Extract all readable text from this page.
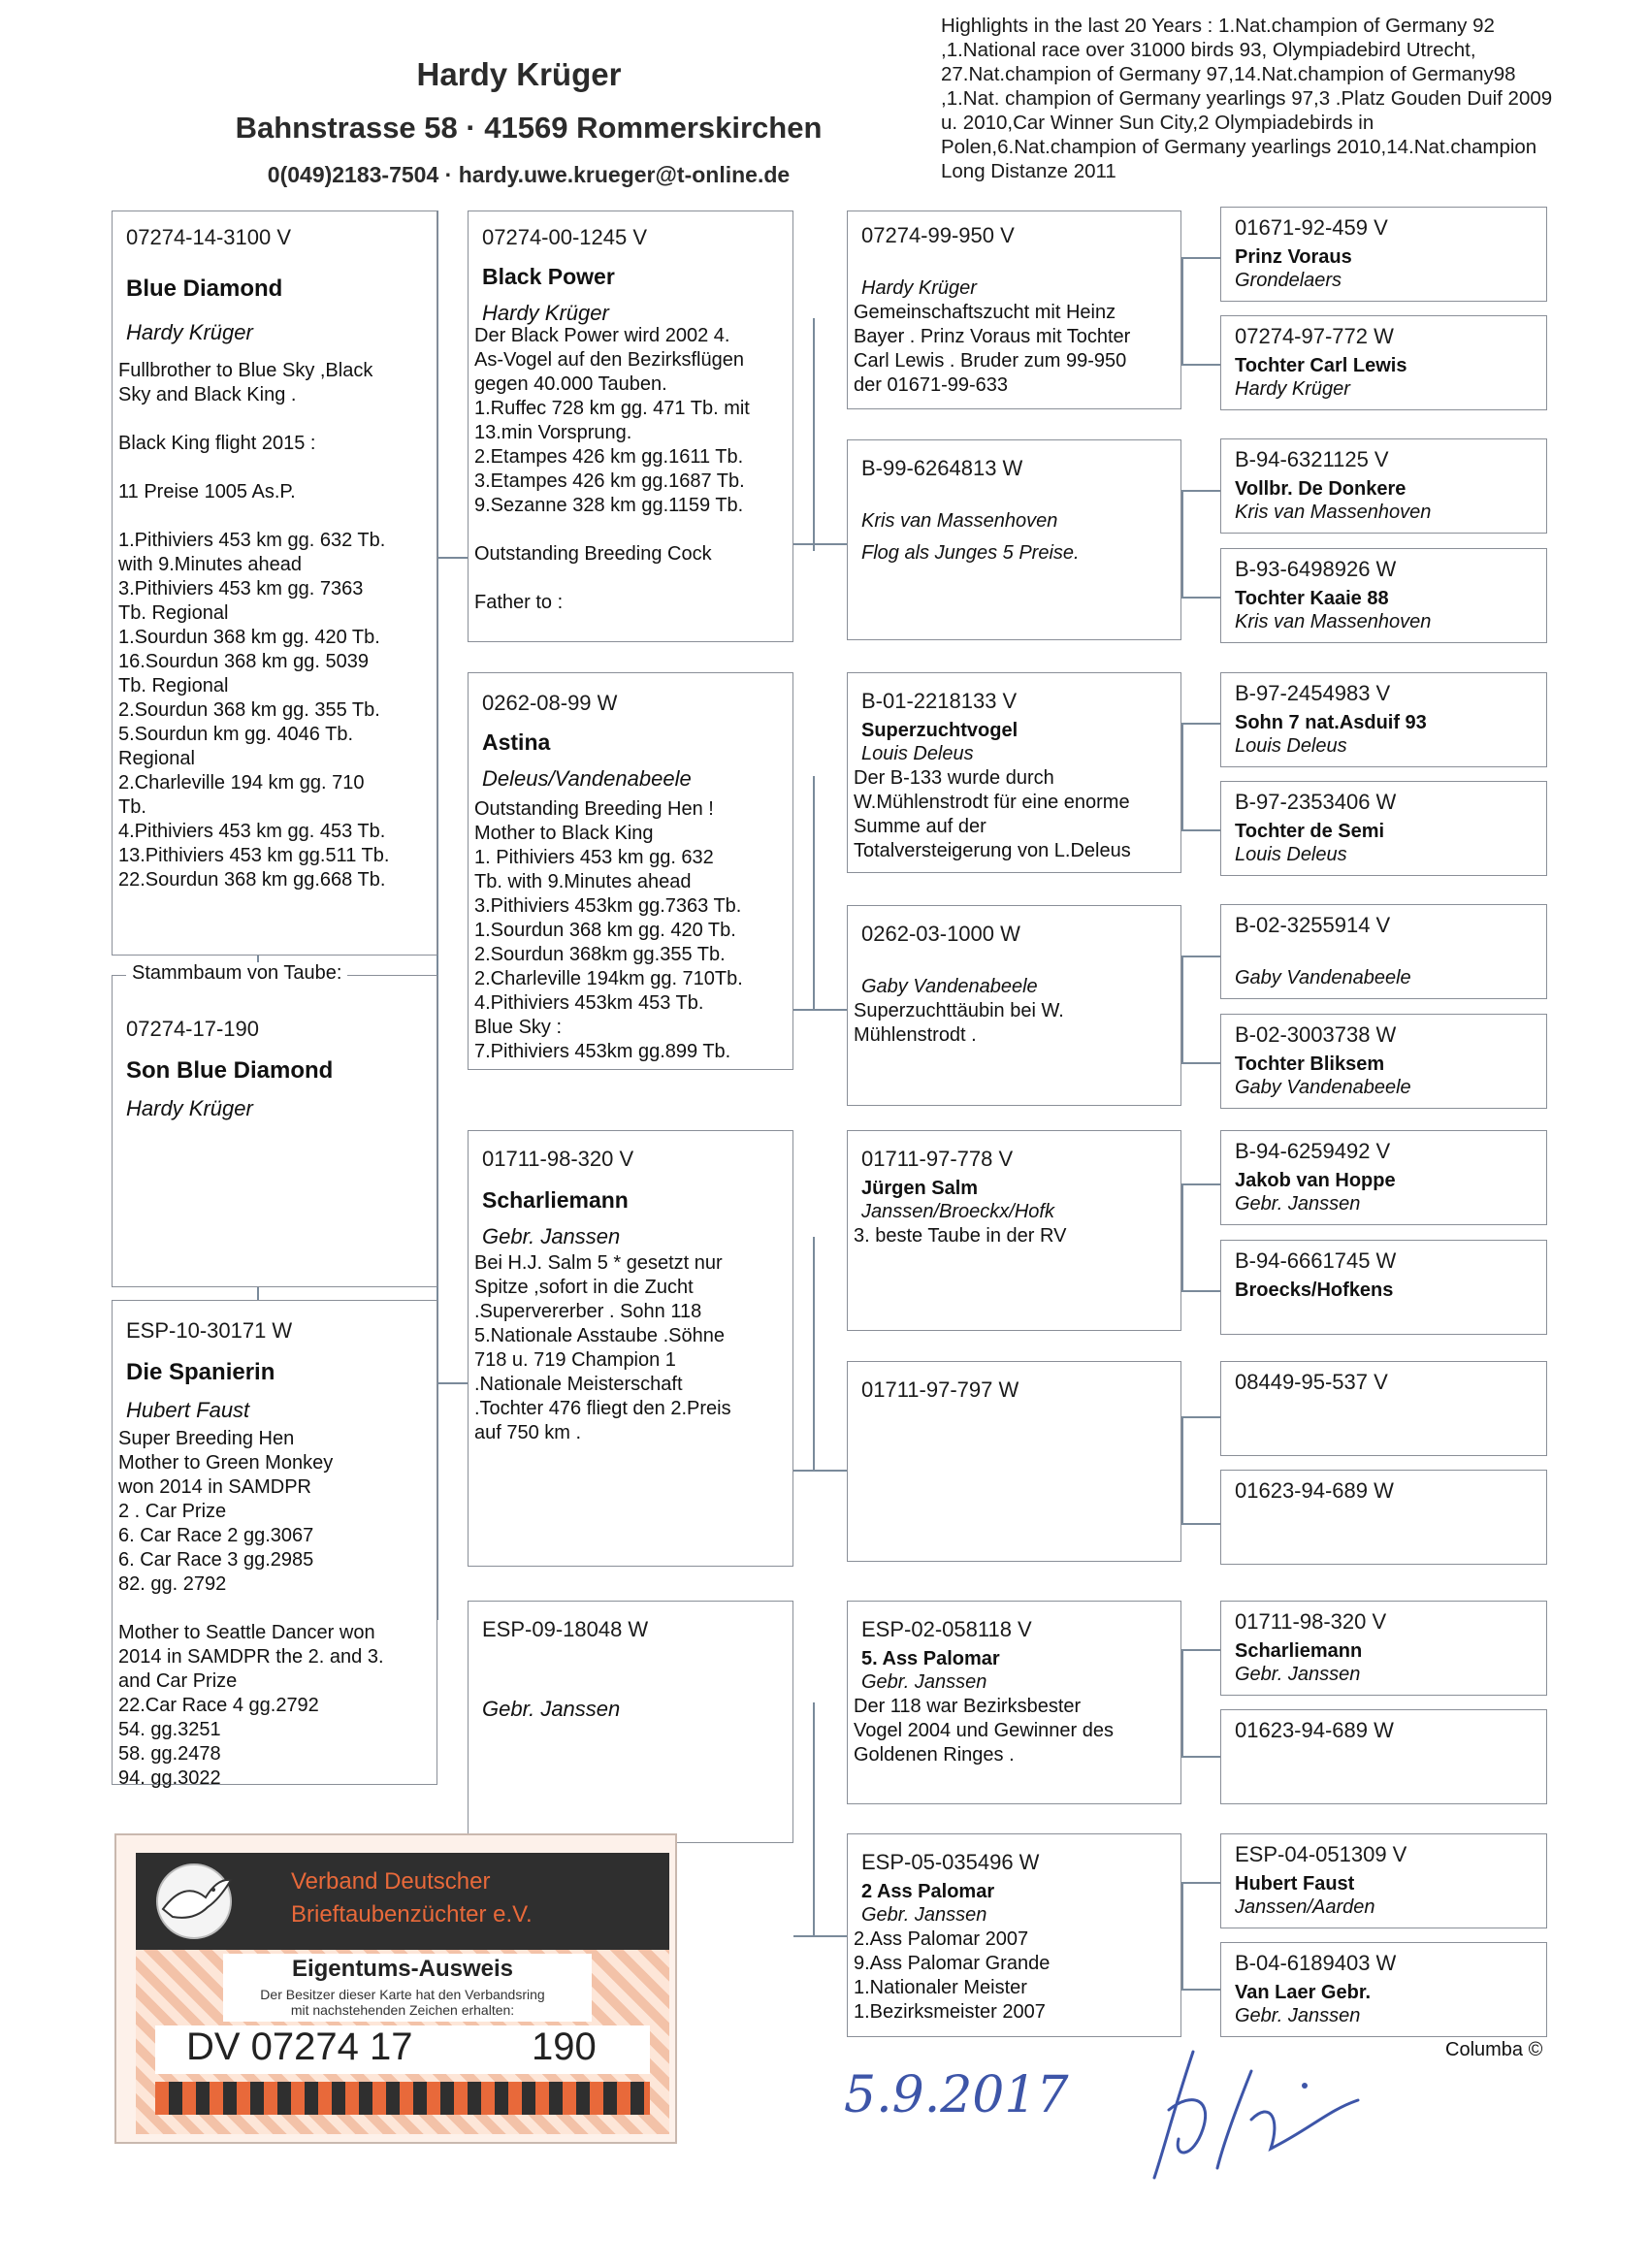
Hardy Krüger
Bahnstrasse 58 · 41569 Rommerskirchen
0(049)2183-7504 · hardy.uwe.krueger@t-online.de
Highlights in the last 20 Years : 1.Nat.champion of Germany 92 ,1.National race over 31000 birds 93, Olympiadebird Utrecht, 27.Nat.champion of Germany 97,14.Nat.champion of Germany98 ,1.Nat. champion of Germany yearlings 97,3 .Platz Gouden Duif 2009 u. 2010,Car Winner Sun City,2 Olympiadebirds in Polen,6.Nat.champion of Germany yearlings 2010,14.Nat.champion Long Distanze 2011
07274-14-3100 V
Blue Diamond
Hardy Krüger
Fullbrother to Blue Sky ,Black
Sky and Black King .

Black King flight 2015 :

11 Preise 1005 As.P.

1.Pithiviers 453 km gg. 632 Tb.
with 9.Minutes ahead
3.Pithiviers 453 km gg. 7363
Tb. Regional
1.Sourdun 368 km gg. 420 Tb.
16.Sourdun 368 km gg. 5039
Tb. Regional
2.Sourdun 368 km gg. 355 Tb.
5.Sourdun km gg. 4046 Tb.
Regional
2.Charleville 194 km gg. 710
Tb.
4.Pithiviers 453 km gg. 453 Tb.
13.Pithiviers 453 km gg.511 Tb.
22.Sourdun 368 km gg.668 Tb.
Stammbaum von Taube:
07274-17-190
Son Blue Diamond
Hardy Krüger
ESP-10-30171 W
Die Spanierin
Hubert Faust
Super Breeding Hen
Mother to Green Monkey
won 2014 in SAMDPR
2 . Car Prize
6. Car Race 2 gg.3067
6. Car Race 3 gg.2985
82. gg. 2792

Mother to Seattle Dancer won
2014 in SAMDPR the 2. and 3.
and Car Prize
22.Car Race 4 gg.2792
54. gg.3251
58. gg.2478
94. gg.3022
07274-00-1245 V
Black Power
Hardy Krüger
Der Black Power wird 2002 4.
As-Vogel auf den Bezirksflügen
gegen 40.000 Tauben.
1.Ruffec 728 km gg. 471 Tb. mit
13.min Vorsprung.
2.Etampes 426 km gg.1611 Tb.
3.Etampes 426 km gg.1687 Tb.
9.Sezanne 328 km gg.1159 Tb.

Outstanding Breeding Cock

Father to :
0262-08-99 W
Astina
Deleus/Vandenabeele
Outstanding Breeding Hen !
Mother to Black King
1. Pithiviers 453 km gg. 632
Tb. with 9.Minutes ahead
3.Pithiviers 453km gg.7363 Tb.
1.Sourdun 368 km gg. 420 Tb.
2.Sourdun 368km gg.355 Tb.
2.Charleville 194km gg. 710Tb.
4.Pithiviers 453km 453 Tb.
Blue Sky :
7.Pithiviers 453km gg.899 Tb.
01711-98-320 V
Scharliemann
Gebr. Janssen
Bei H.J. Salm 5 * gesetzt nur
Spitze ,sofort in die Zucht
.Supervererber . Sohn 118
5.Nationale Asstaube .Söhne
718 u. 719 Champion 1
.Nationale Meisterschaft
.Tochter 476 fliegt den 2.Preis
auf 750 km .
ESP-09-18048 W
Gebr. Janssen
07274-99-950 V
Hardy Krüger
Gemeinschaftszucht mit Heinz
Bayer . Prinz Voraus mit Tochter
Carl Lewis . Bruder zum 99-950
der 01671-99-633
B-99-6264813 W
Kris van Massenhoven
Flog als Junges 5 Preise.
B-01-2218133 V
Superzuchtvogel
Louis Deleus
Der B-133 wurde durch
W.Mühlenstrodt für eine enorme
Summe auf der
Totalversteigerung von L.Deleus
0262-03-1000 W
Gaby Vandenabeele
Superzuchttäubin bei W.
Mühlenstrodt .
01711-97-778 V
Jürgen Salm
Janssen/Broeckx/Hofk
3. beste Taube in der RV
01711-97-797 W
ESP-02-058118 V
5. Ass Palomar
Gebr. Janssen
Der 118 war Bezirksbester
Vogel 2004 und Gewinner des
Goldenen Ringes .
ESP-05-035496 W
2 Ass Palomar
Gebr. Janssen
2.Ass Palomar 2007
9.Ass Palomar Grande
1.Nationaler Meister
1.Bezirksmeister 2007
01671-92-459 V
Prinz Voraus
Grondelaers
07274-97-772 W
Tochter Carl Lewis
Hardy Krüger
B-94-6321125 V
Vollbr. De Donkere
Kris van Massenhoven
B-93-6498926 W
Tochter Kaaie 88
Kris van Massenhoven
B-97-2454983 V
Sohn 7 nat.Asduif 93
Louis Deleus
B-97-2353406 W
Tochter de Semi
Louis Deleus
B-02-3255914 V
Gaby Vandenabeele
B-02-3003738 W
Tochter Bliksem
Gaby Vandenabeele
B-94-6259492 V
Jakob van Hoppe
Gebr. Janssen
B-94-6661745 W
Broecks/Hofkens
08449-95-537 V
01623-94-689 W
01711-98-320 V
Scharliemann
Gebr. Janssen
01623-94-689 W
ESP-04-051309 V
Hubert Faust
Janssen/Aarden
B-04-6189403 W
Van Laer Gebr.
Gebr. Janssen
Verband Deutscher
Brieftaubenzüchter e.V.
Eigentums-Ausweis
Der Besitzer dieser Karte hat den Verbandsring
mit nachstehenden Zeichen erhalten:
DV 07274 17	190	Columba ©
5.9.2017
